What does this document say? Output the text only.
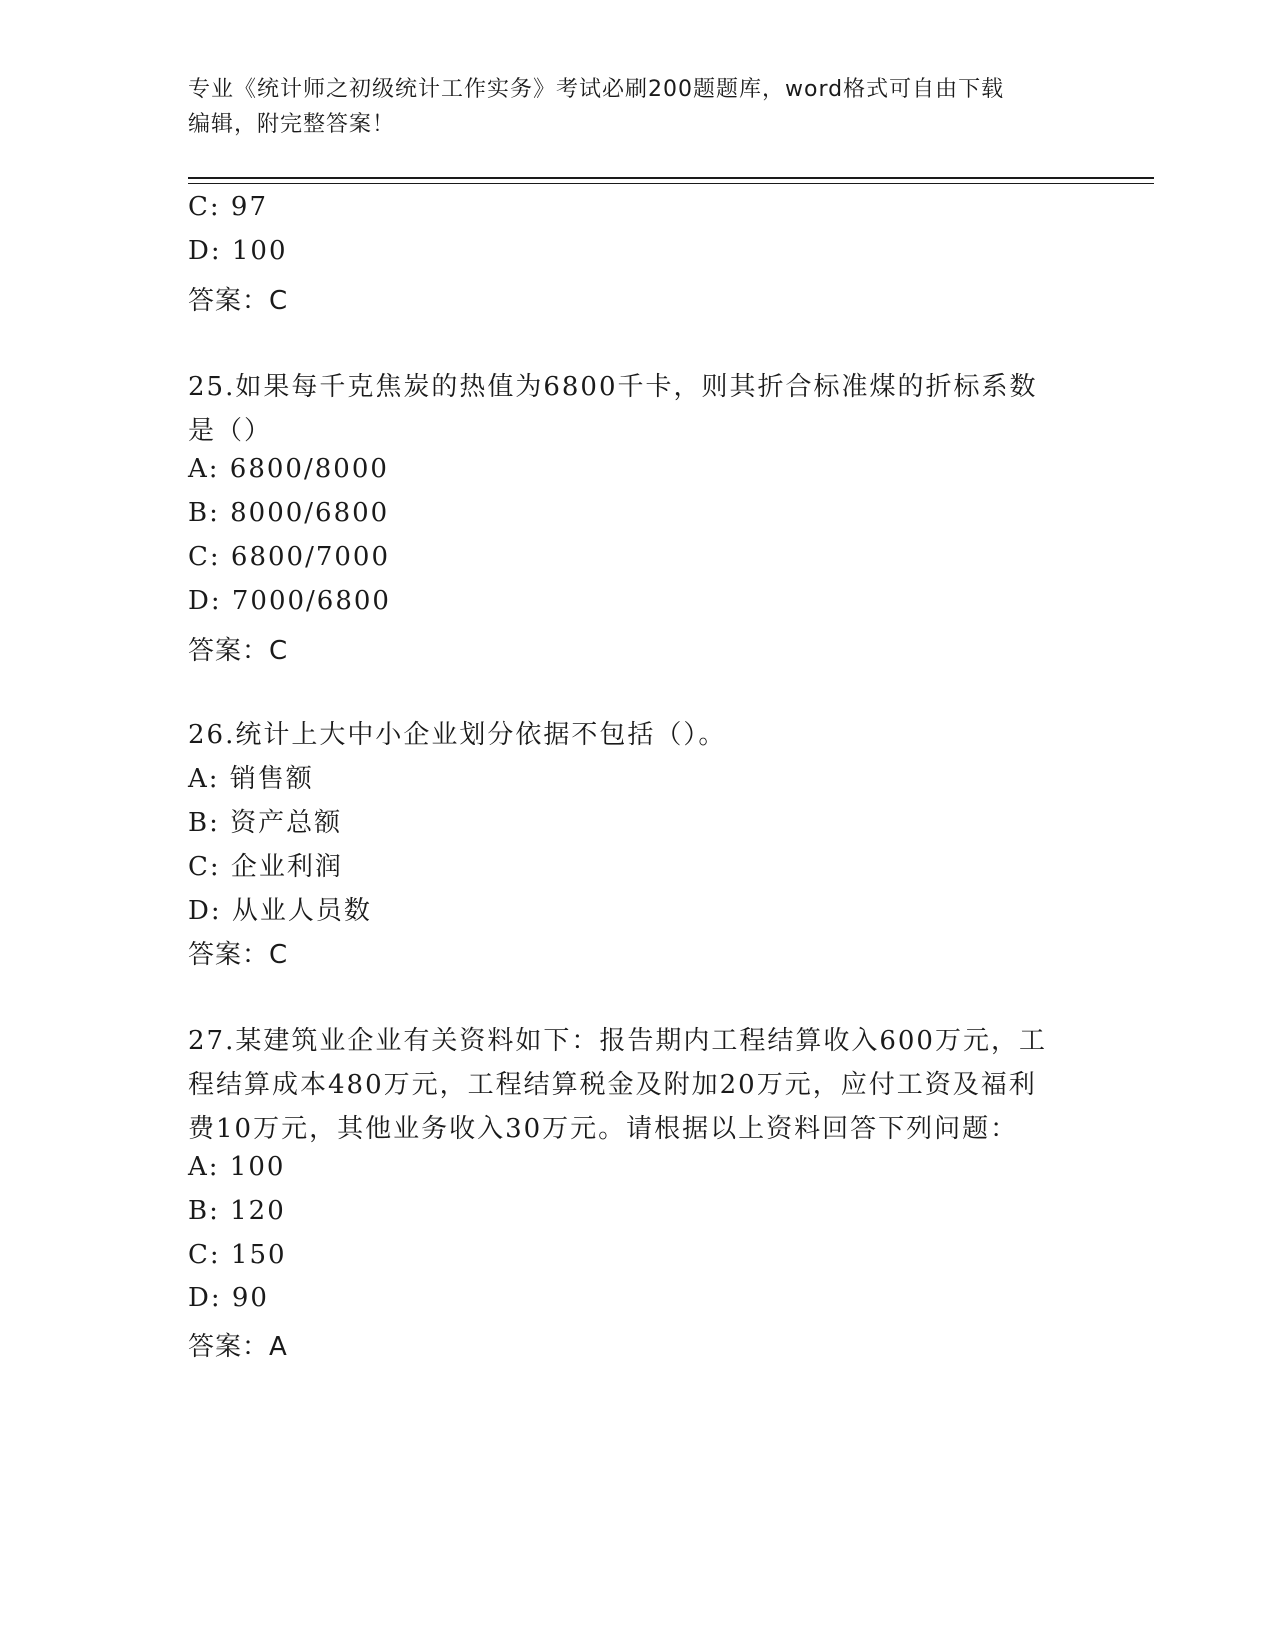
专业《统计师之初级统计工作实务》考试必刷200题题库，word格式可自由下载
编辑，附完整答案！
C: 97
D: 100
答案：C
25.如果每千克焦炭的热值为6800千卡，则其折合标准煤的折标系数
是（）
A: 6800/8000
B: 8000/6800
C: 6800/7000
D: 7000/6800
答案：C
26.统计上大中小企业划分依据不包括（）。
A: 销售额
B: 资产总额
C: 企业利润
D: 从业人员数
答案：C
27.某建筑业企业有关资料如下：报告期内工程结算收入600万元，工
程结算成本480万元，工程结算税金及附加20万元，应付工资及福利
费10万元，其他业务收入30万元。请根据以上资料回答下列问题：
A: 100
B: 120
C: 150
D: 90
答案：A
